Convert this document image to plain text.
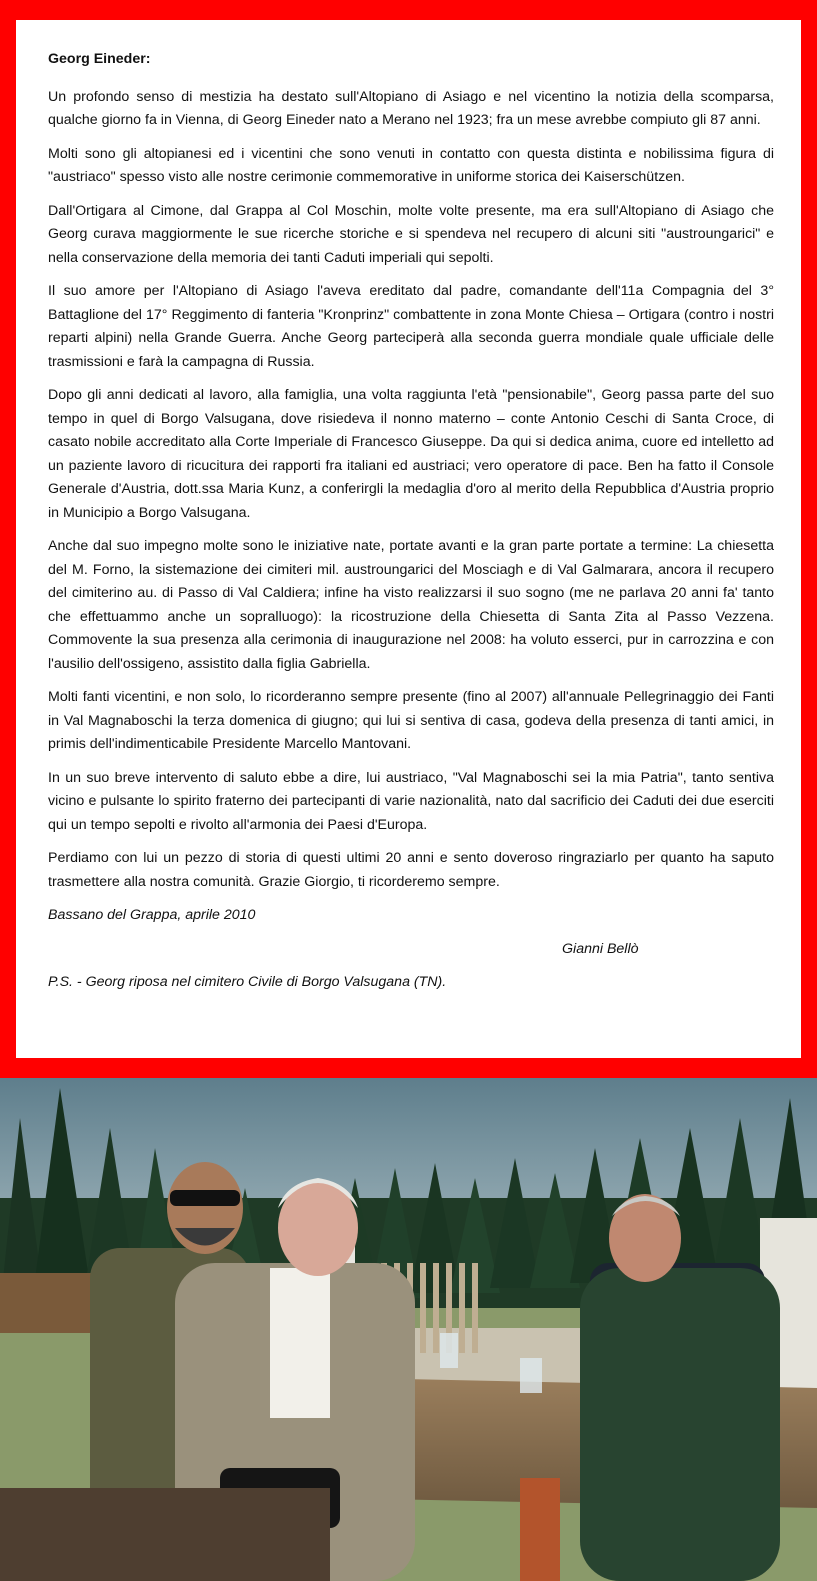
Georg Eineder:

Un profondo senso di mestizia ha destato sull'Altopiano di Asiago e nel vicentino la notizia della scomparsa, qualche giorno fa in Vienna, di Georg Eineder nato a Merano nel 1923; fra un mese avrebbe compiuto gli 87 anni.

Molti sono gli altopianesi ed i vicentini che sono venuti in contatto con questa distinta e nobilissima figura di "austriaco" spesso visto alle nostre cerimonie commemorative in uniforme storica dei Kaiserschützen.

Dall'Ortigara al Cimone, dal Grappa al Col Moschin, molte volte presente, ma era sull'Altopiano di Asiago che Georg curava maggiormente le sue ricerche storiche e si spendeva nel recupero di alcuni siti "austroungarici" e nella conservazione della memoria dei tanti Caduti imperiali qui sepolti.

Il suo amore per l'Altopiano di Asiago l'aveva ereditato dal padre, comandante dell'11a Compagnia del 3° Battaglione del 17° Reggimento di fanteria "Kronprinz" combattente in zona Monte Chiesa – Ortigara (contro i nostri reparti alpini) nella Grande Guerra. Anche Georg parteciperà alla seconda guerra mondiale quale ufficiale delle trasmissioni e farà la campagna di Russia.

Dopo gli anni dedicati al lavoro, alla famiglia, una volta raggiunta l'età "pensionabile", Georg passa parte del suo tempo in quel di Borgo Valsugana, dove risiedeva il nonno materno – conte Antonio Ceschi di Santa Croce, di casato nobile accreditato alla Corte Imperiale di Francesco Giuseppe. Da qui si dedica anima, cuore ed intelletto ad un paziente lavoro di ricucitura dei rapporti fra italiani ed austriaci; vero operatore di pace. Ben ha fatto il Console Generale d'Austria, dott.ssa Maria Kunz, a conferirgli la medaglia d'oro al merito della Repubblica d'Austria proprio in Municipio a Borgo Valsugana.

Anche dal suo impegno molte sono le iniziative nate, portate avanti e la gran parte portate a termine: La chiesetta del M. Forno, la sistemazione dei cimiteri mil. austroungarici del Mosciagh e di Val Galmarara, ancora il recupero del cimiterino au. di Passo di Val Caldiera; infine ha visto realizzarsi il suo sogno (me ne parlava 20 anni fa' tanto che effettuammo anche un sopralluogo): la ricostruzione della Chiesetta di Santa Zita al Passo Vezzena. Commovente la sua presenza alla cerimonia di inaugurazione nel 2008: ha voluto esserci, pur in carrozzina e con l'ausilio dell'ossigeno, assistito dalla figlia Gabriella.

Molti fanti vicentini, e non solo, lo ricorderanno sempre presente (fino al 2007) all'annuale Pellegrinaggio dei Fanti in Val Magnaboschi la terza domenica di giugno; qui lui si sentiva di casa, godeva della presenza di tanti amici, in primis dell'indimenticabile Presidente Marcello Mantovani.

In un suo breve intervento di saluto ebbe a dire, lui austriaco, "Val Magnaboschi sei la mia Patria", tanto sentiva vicino e pulsante lo spirito fraterno dei partecipanti di varie nazionalità, nato dal sacrificio dei Caduti dei due eserciti qui un tempo sepolti e rivolto all'armonia dei Paesi d'Europa.

Perdiamo con lui un pezzo di storia di questi ultimi 20 anni e sento doveroso ringraziarlo per quanto ha saputo trasmettere alla nostra comunità. Grazie Giorgio, ti ricorderemo sempre.

Bassano del Grappa, aprile 2010

Gianni Bellò

P.S. - Georg riposa nel cimitero Civile di Borgo Valsugana (TN).
